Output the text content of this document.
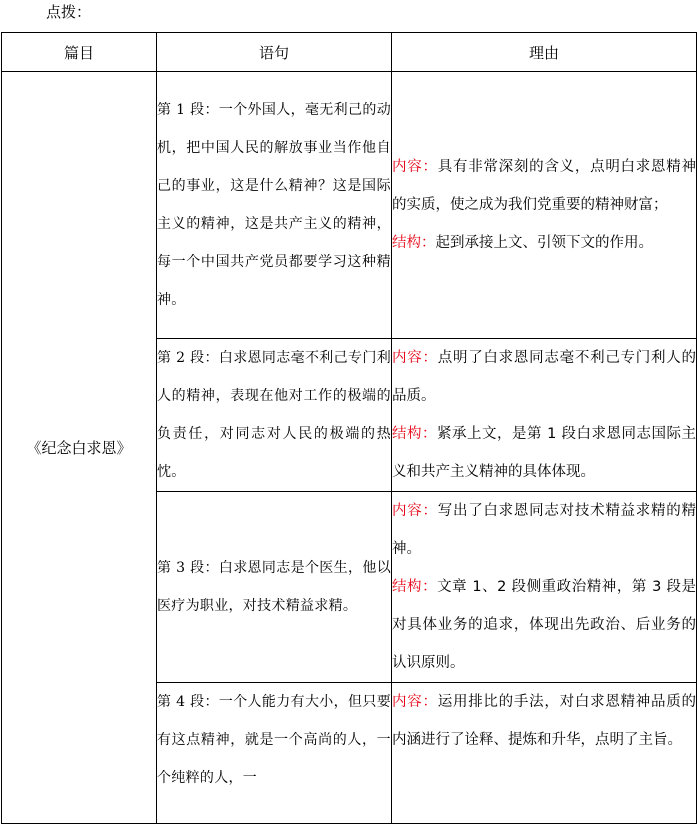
点拨：
篇目	语句	理由
《纪念白求恩》	第 1 段：一个外国人，毫无利己的动机，把中国人民的解放事业当作他自己的事业，这是什么精神？这是国际主义的精神，这是共产主义的精神，每一个中国共产党员都要学习这种精神。	内容：具有非常深刻的含义，点明白求恩精神的实质，使之成为我们党重要的精神财富；
结构：起到承接上文、引领下文的作用。
	第 2 段：白求恩同志毫不利己专门利人的精神，表现在他对工作的极端的负责任，对同志对人民的极端的热忱。	内容：点明了白求恩同志毫不利己专门利人的品质。
结构：紧承上文，是第 1 段白求恩同志国际主义和共产主义精神的具体体现。
	第 3 段：白求恩同志是个医生，他以医疗为职业，对技术精益求精。	内容：写出了白求恩同志对技术精益求精的精神。
结构：文章 1、2 段侧重政治精神，第 3 段是对具体业务的追求，体现出先政治、后业务的认识原则。
	第 4 段：一个人能力有大小，但只要有这点精神，就是一个高尚的人，一个纯粹的人，一	内容：运用排比的手法，对白求恩精神品质的内涵进行了诠释、提炼和升华，点明了主旨。
